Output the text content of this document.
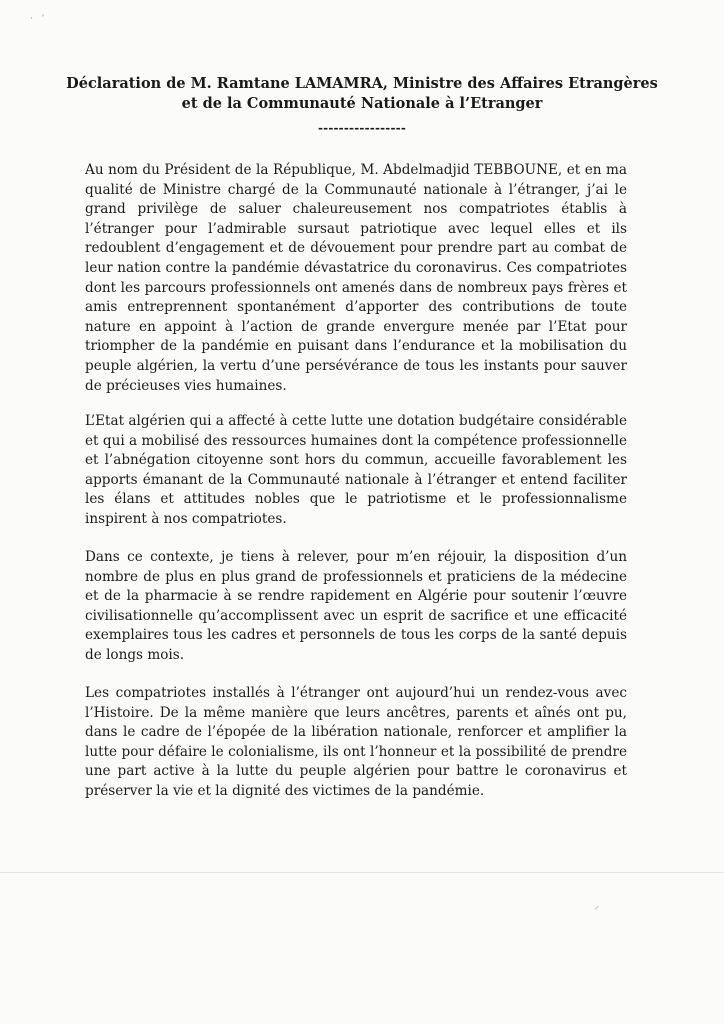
·   ʼ
Déclaration de M. Ramtane LAMAMRA, Ministre des Affaires Etrangères
et de la Communauté Nationale à l’Etranger
-----------------

Au nom du Président de la République, M. Abdelmadjid TEBBOUNE, et en ma qualité de Ministre chargé de la Communauté nationale à l’étranger, j’ai le grand privilège de saluer chaleureusement nos compatriotes établis à l’étranger pour l’admirable sursaut patriotique avec lequel elles et ils redoublent d’engagement et de dévouement pour prendre part au combat de leur nation contre la pandémie dévastatrice du coronavirus. Ces compatriotes dont les parcours professionnels ont amenés dans de nombreux pays frères et amis entreprennent spontanément d’apporter des contributions de toute nature en appoint à l’action de grande envergure menée par l’Etat pour triompher de la pandémie en puisant dans l’endurance et la mobilisation du peuple algérien, la vertu d’une persévérance de tous les instants pour sauver de précieuses vies humaines.

L’Etat algérien qui a affecté à cette lutte une dotation budgétaire considérable et qui a mobilisé des ressources humaines dont la compétence professionnelle et l’abnégation citoyenne sont hors du commun, accueille favorablement les apports émanant de la Communauté nationale à l’étranger et entend faciliter les élans et attitudes nobles que le patriotisme et le professionnalisme inspirent à nos compatriotes.

Dans ce contexte, je tiens à relever, pour m’en réjouir, la disposition d’un nombre de plus en plus grand de professionnels et praticiens de la médecine et de la pharmacie à se rendre rapidement en Algérie pour soutenir l’œuvre civilisationnelle qu’accomplissent avec un esprit de sacrifice et une efficacité exemplaires tous les cadres et personnels de tous les corps de la santé depuis de longs mois.

Les compatriotes installés à l’étranger ont aujourd’hui un rendez-vous avec l’Histoire. De la même manière que leurs ancêtres, parents et aînés ont pu, dans le cadre de l’épopée de la libération nationale, renforcer et amplifier la lutte pour défaire le colonialisme, ils ont l’honneur et la possibilité de prendre une part active à la lutte du peuple algérien pour battre le coronavirus et préserver la vie et la dignité des victimes de la pandémie.

⸝
